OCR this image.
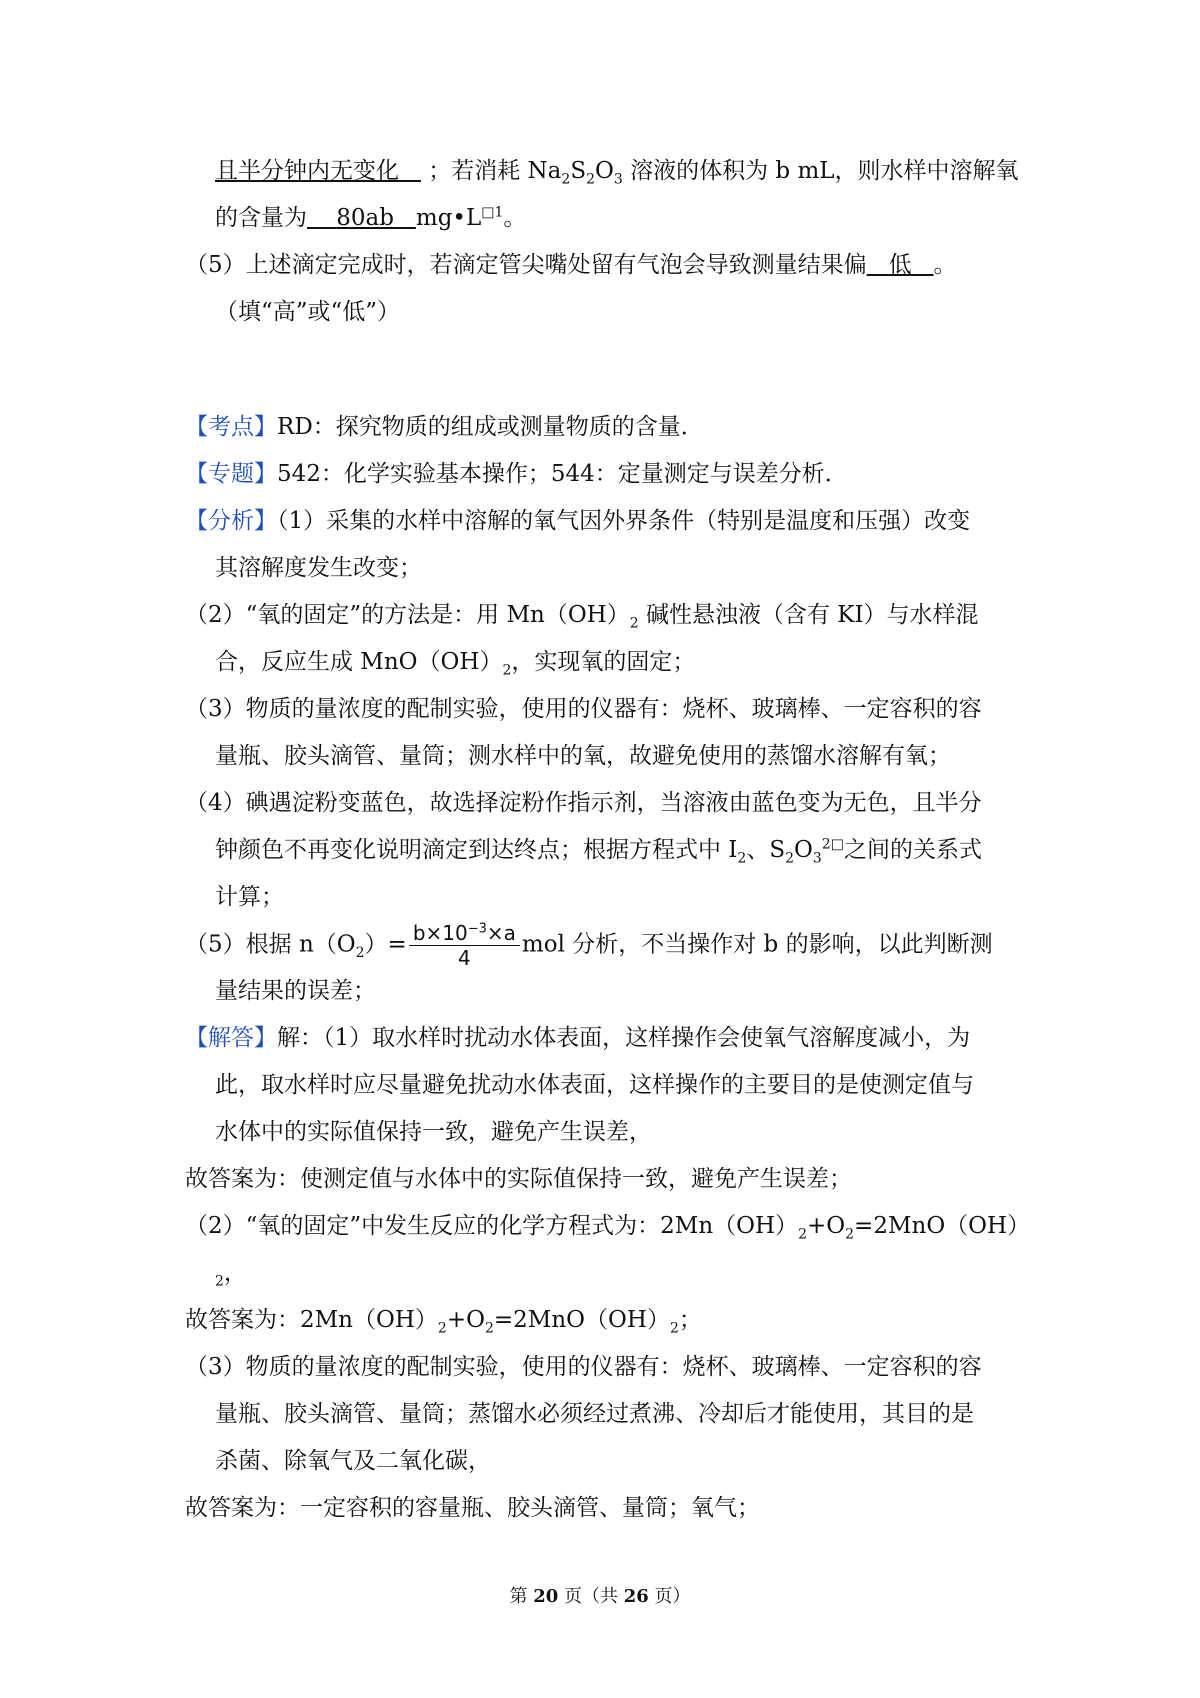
且半分钟内无变化 ；若消耗 $Na_2S_2O_3$ 溶液的体积为 b mL，则水样中溶解氧
的含量为 80ab $mg•L^{□1}$。
（5）上述滴定完成时，若滴定管尖嘴处留有气泡会导致测量结果偏 低 。
（填“高”或“低”）
【考点】RD：探究物质的组成或测量物质的含量．
【专题】542：化学实验基本操作；544：定量测定与误差分析．
【分析】（1）采集的水样中溶解的氧气因外界条件（特别是温度和压强）改变
其溶解度发生改变；
（2）“氧的固定”的方法是：用 $Mn(OH)_2$ 碱性悬浊液（含有 KI）与水样混
合，反应生成 $MnO(OH)_2$，实现氧的固定；
（3）物质的量浓度的配制实验，使用的仪器有：烧杯、玻璃棒、一定容积的容
量瓶、胶头滴管、量筒；测水样中的氧，故避免使用的蒸馏水溶解有氧；
（4）碘遇淀粉变蓝色，故选择淀粉作指示剂，当溶液由蓝色变为无色，且半分
钟颜色不再变化说明滴定到达终点；根据方程式中 $I_2$、$S_2O_3^{2□}$之间的关系式
计算；
（5）根据 $n(O_2)= \frac{b\times 10^{-3}\times a}{4}$ mol 分析，不当操作对 b 的影响，以此判断测
量结果的误差；
【解答】解：（1）取水样时扰动水体表面，这样操作会使氧气溶解度减小，为
此，取水样时应尽量避免扰动水体表面，这样操作的主要目的是使测定值与
水体中的实际值保持一致，避免产生误差，
故答案为：使测定值与水体中的实际值保持一致，避免产生误差；
（2）“氧的固定”中发生反应的化学方程式为：$2Mn(OH)_2+O_2=2MnO(OH)$
$_2$，
故答案为：$2Mn(OH)_2+O_2=2MnO(OH)_2$；
（3）物质的量浓度的配制实验，使用的仪器有：烧杯、玻璃棒、一定容积的容
量瓶、胶头滴管、量筒；蒸馏水必须经过煮沸、冷却后才能使用，其目的是
杀菌、除氧气及二氧化碳，
故答案为：一定容积的容量瓶、胶头滴管、量筒；氧气；
第 20 页（共 26 页）
